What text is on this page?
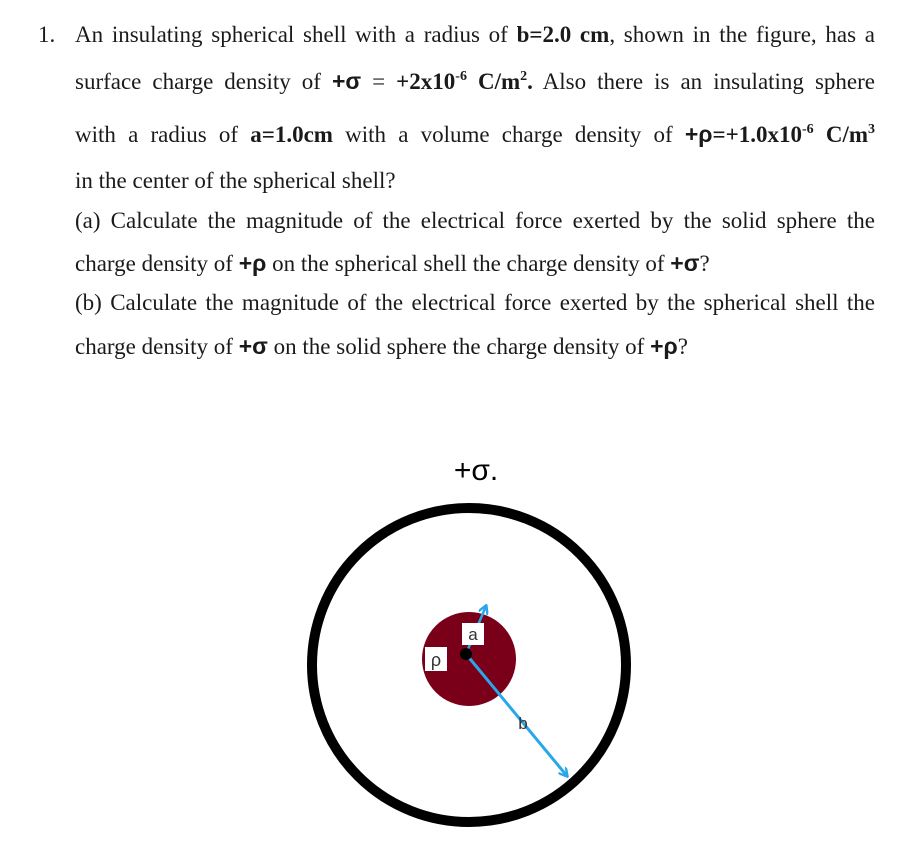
1. An insulating spherical shell with a radius of b=2.0 cm, shown in the figure, has a
surface charge density of $+\sigma = +2x10^{-6}$ $C/m^2$. Also there is an insulating sphere
with a radius of a=1.0cm with a volume charge density of $+\rho=+1.0x10^{-6}$ $C/m^3$
in the center of the spherical shell?
(a) Calculate the magnitude of the electrical force exerted by the solid sphere the
charge density of +ρ on the spherical shell the charge density of +σ?
(b) Calculate the magnitude of the electrical force exerted by the spherical shell the
charge density of +σ on the solid sphere the charge density of +ρ?
+σ.
a
ρ
b
